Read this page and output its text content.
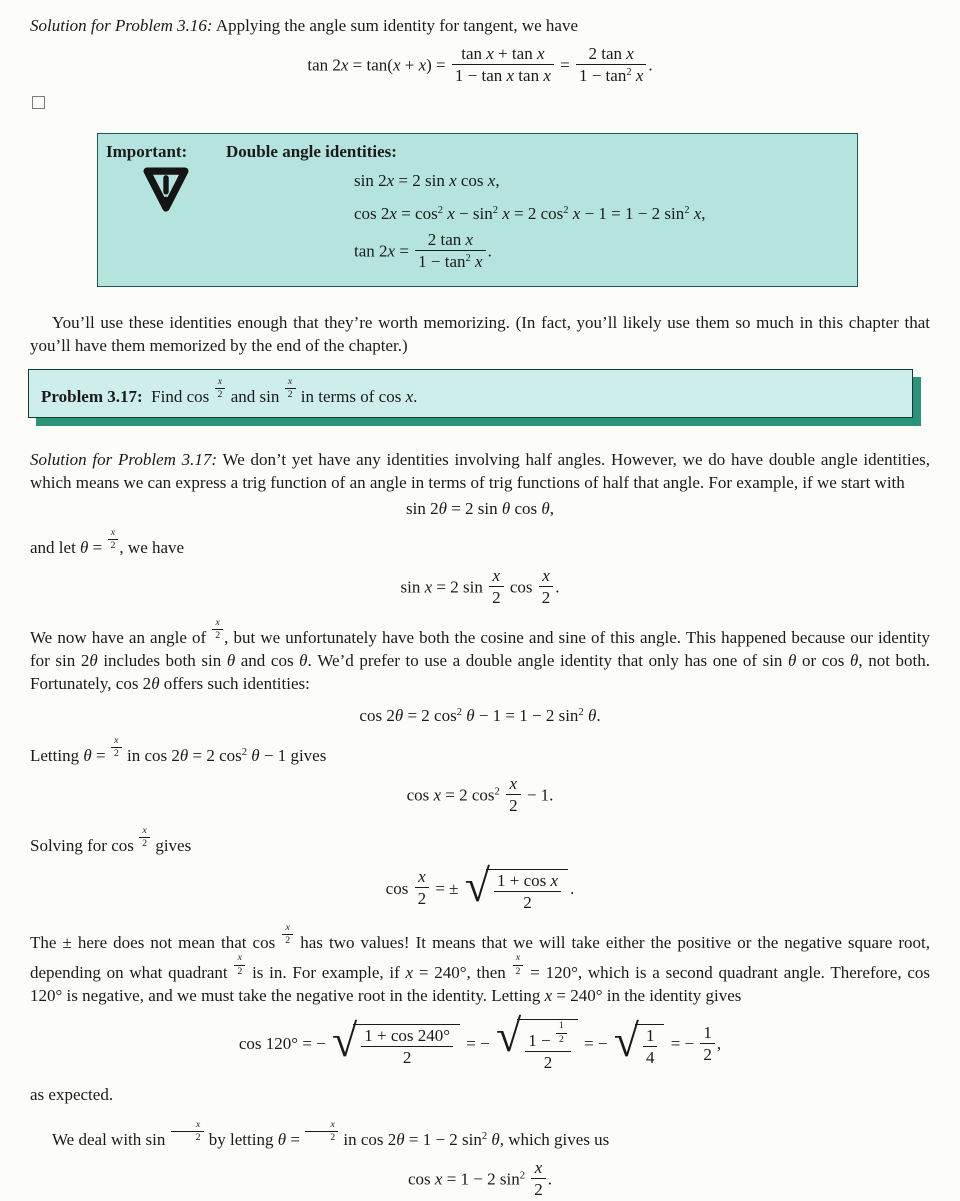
Solution for Problem 3.16: Applying the angle sum identity for tangent, we have

$\tan 2x = \tan(x + x) = \frac{\text{tan x + tan x}}{\text{1 − tan x tan x}} = \frac{\text{2 tan x}}{1 - \tan^2 x}$ .
Important:	Double angle identities:
sin 2x = 2 sin x cos x,
$\cos 2x = \cos^2 x - \sin^2 x = 2$ $\cos^2 x - 1 = 1 - 2$ $\sin^2 x$,
$\tan 2x = \frac{\text{2 tan x}}{1 - \tan^2 x}$ .

You’ll use these identities enough that they’re worth memorizing. (In fact, you’ll likely use them so much in this chapter that you’ll have them memorized by the end of the chapter.)

Problem 3.17: Find $\cos \frac{x}{2}$ and $\sin \frac{x}{2}$ in terms of cos x.

Solution for Problem 3.17: We don’t yet have any identities involving half angles. However, we do have double angle identities, which means we can express a trig function of an angle in terms of trig functions of half that angle. For example, if we start with

sin 2θ = 2 sin θ cos θ,

and let $\theta = \frac{x}{2}$ , we have

sin x = 2 $\sin \frac{x}{2}$ $\cos \frac{x}{2}$ .

We now have an angle of $\frac{x}{2}$ , but we unfortunately have both the cosine and sine of this angle. This happened because our identity for sin 2θ includes both sin θ and cos θ. We’d prefer to use a double angle identity that only has one of sin θ or cos θ, not both. Fortunately, cos 2θ offers such identities:

cos 2θ = 2 $\cos^2 \theta - 1 = 1 - 2$ $\sin^2 \theta$.

Letting $\theta = \frac{x}{2}$ in cos 2θ = 2 $\cos^2 \theta - 1$ gives

cos x = 2 $\cos^2 \frac{x}{2} - 1$.

Solving for $\cos \frac{x}{2}$ gives

$\cos \frac{x}{2}$ = ± √ $\frac{\text{1 + cos x}}{2}$ .

The ± here does not mean that $\cos \frac{x}{2}$ has two values! It means that we will take either the positive or the negative square root, depending on what quadrant $\frac{x}{2}$ is in. For example, if x = 240°, then $\frac{x}{2} = 120^\circ$, which is a second quadrant angle. Therefore, cos 120° is negative, and we must take the negative root in the identity. Letting x = 240° in the identity gives

cos 120° = − √ $\frac{1 + \cos 240^\circ}{2}$ = − √ $\frac{1 - \frac{1}{2}}{2}$ = − √ $\frac{1}{4}$ = − $\frac{1}{2}$ ,

as expected.

We deal with $\sin \frac{x}{2}$ by letting $\theta = \frac{x}{2}$ in cos 2θ = 1 − 2 $\sin^2 \theta$, which gives us

cos x = 1 − 2 $\sin^2 \frac{x}{2}$ .
